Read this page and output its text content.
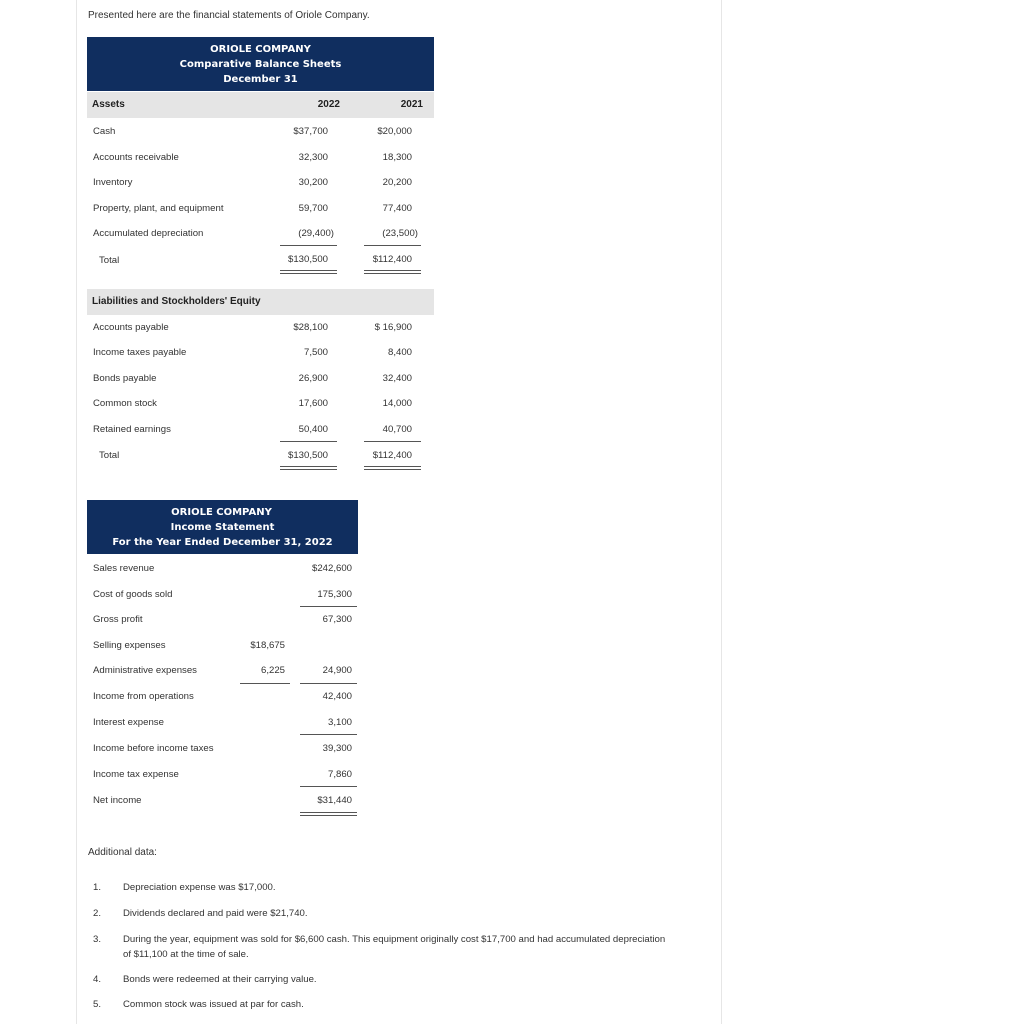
Presented here are the financial statements of Oriole Company.
ORIOLE COMPANY
Comparative Balance Sheets
December 31
Assets	2022	2021
Cash	$37,700	$20,000
Accounts receivable	32,300	18,300
Inventory	30,200	20,200
Property, plant, and equipment	59,700	77,400
Accumulated depreciation	(29,400)	(23,500)
Total	$130,500	$112,400
Liabilities and Stockholders' Equity
Accounts payable	$28,100	$ 16,900
Income taxes payable	7,500	8,400
Bonds payable	26,900	32,400
Common stock	17,600	14,000
Retained earnings	50,400	40,700
Total	$130,500	$112,400
ORIOLE COMPANY
Income Statement
For the Year Ended December 31, 2022
Sales revenue	$242,600
Cost of goods sold	175,300
Gross profit	67,300
Selling expenses	$18,675
Administrative expenses	6,225	24,900
Income from operations	42,400
Interest expense	3,100
Income before income taxes	39,300
Income tax expense	7,860
Net income	$31,440
Additional data:
1. Depreciation expense was $17,000.
2. Dividends declared and paid were $21,740.
3. During the year, equipment was sold for $6,600 cash. This equipment originally cost $17,700 and had accumulated depreciation of $11,100 at the time of sale.
4. Bonds were redeemed at their carrying value.
5. Common stock was issued at par for cash.
